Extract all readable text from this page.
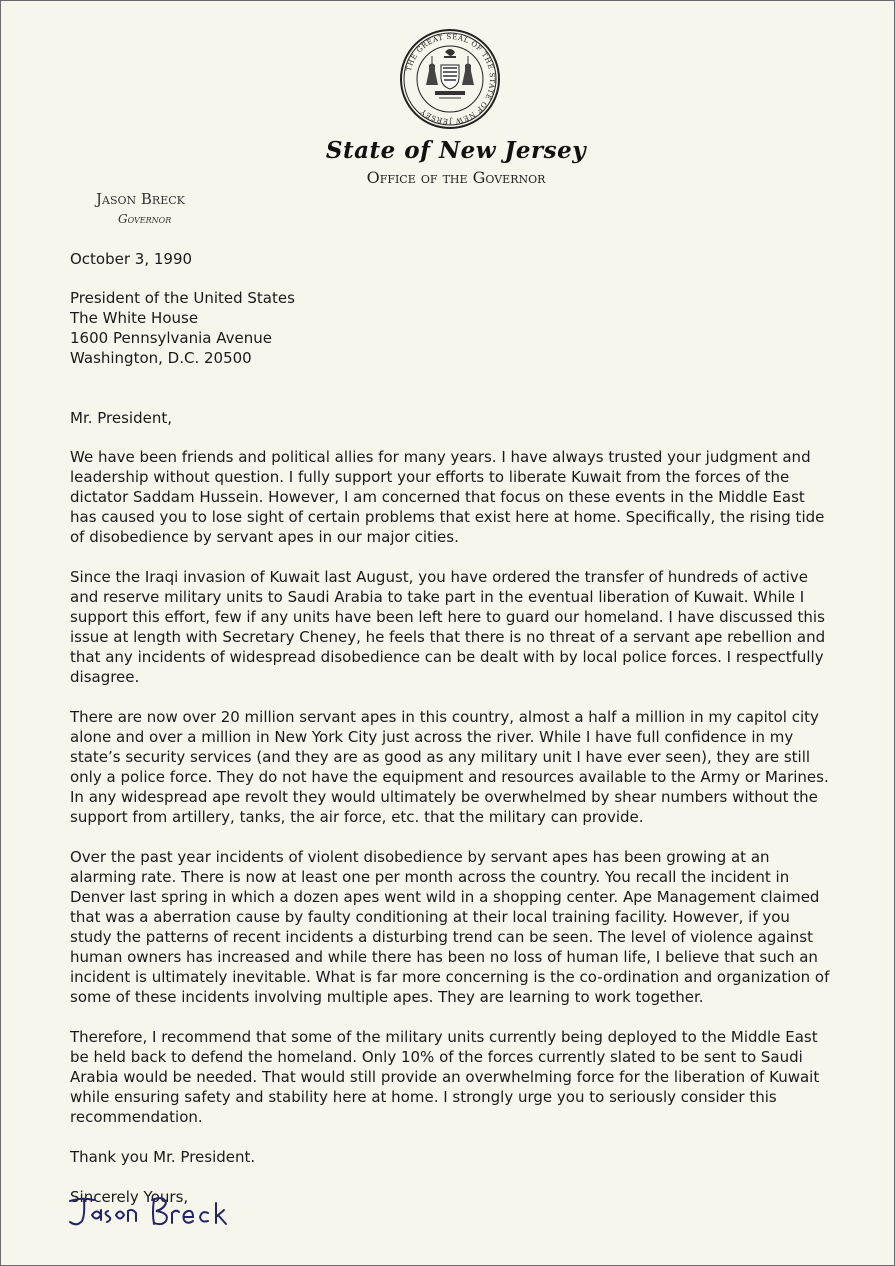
THE GREAT SEAL OF THE STATE OF NEW JERSEY
State of New Jersey
Office of the Governor
Jason Breck
Governor

October 3, 1990

President of the United States
The White House
1600 Pennsylvania Avenue
Washington, D.C. 20500

Mr. President,

We have been friends and political allies for many years. I have always trusted your judgment and leadership without question. I fully support your efforts to liberate Kuwait from the forces of the dictator Saddam Hussein. However, I am concerned that focus on these events in the Middle East has caused you to lose sight of certain problems that exist here at home. Specifically, the rising tide of disobedience by servant apes in our major cities.

Since the Iraqi invasion of Kuwait last August, you have ordered the transfer of hundreds of active and reserve military units to Saudi Arabia to take part in the eventual liberation of Kuwait. While I support this effort, few if any units have been left here to guard our homeland. I have discussed this issue at length with Secretary Cheney, he feels that there is no threat of a servant ape rebellion and that any incidents of widespread disobedience can be dealt with by local police forces. I respectfully disagree.

There are now over 20 million servant apes in this country, almost a half a million in my capitol city alone and over a million in New York City just across the river. While I have full confidence in my state’s security services (and they are as good as any military unit I have ever seen), they are still only a police force. They do not have the equipment and resources available to the Army or Marines. In any widespread ape revolt they would ultimately be overwhelmed by shear numbers without the support from artillery, tanks, the air force, etc. that the military can provide.

Over the past year incidents of violent disobedience by servant apes has been growing at an alarming rate. There is now at least one per month across the country. You recall the incident in Denver last spring in which a dozen apes went wild in a shopping center. Ape Management claimed that was a aberration cause by faulty conditioning at their local training facility. However, if you study the patterns of recent incidents a disturbing trend can be seen. The level of violence against human owners has increased and while there has been no loss of human life, I believe that such an incident is ultimately inevitable. What is far more concerning is the co-ordination and organization of some of these incidents involving multiple apes. They are learning to work together.

Therefore, I recommend that some of the military units currently being deployed to the Middle East be held back to defend the homeland. Only 10% of the forces currently slated to be sent to Saudi Arabia would be needed. That would still provide an overwhelming force for the liberation of Kuwait while ensuring safety and stability here at home. I strongly urge you to seriously consider this recommendation.

Thank you Mr. President.

Sincerely Yours,
